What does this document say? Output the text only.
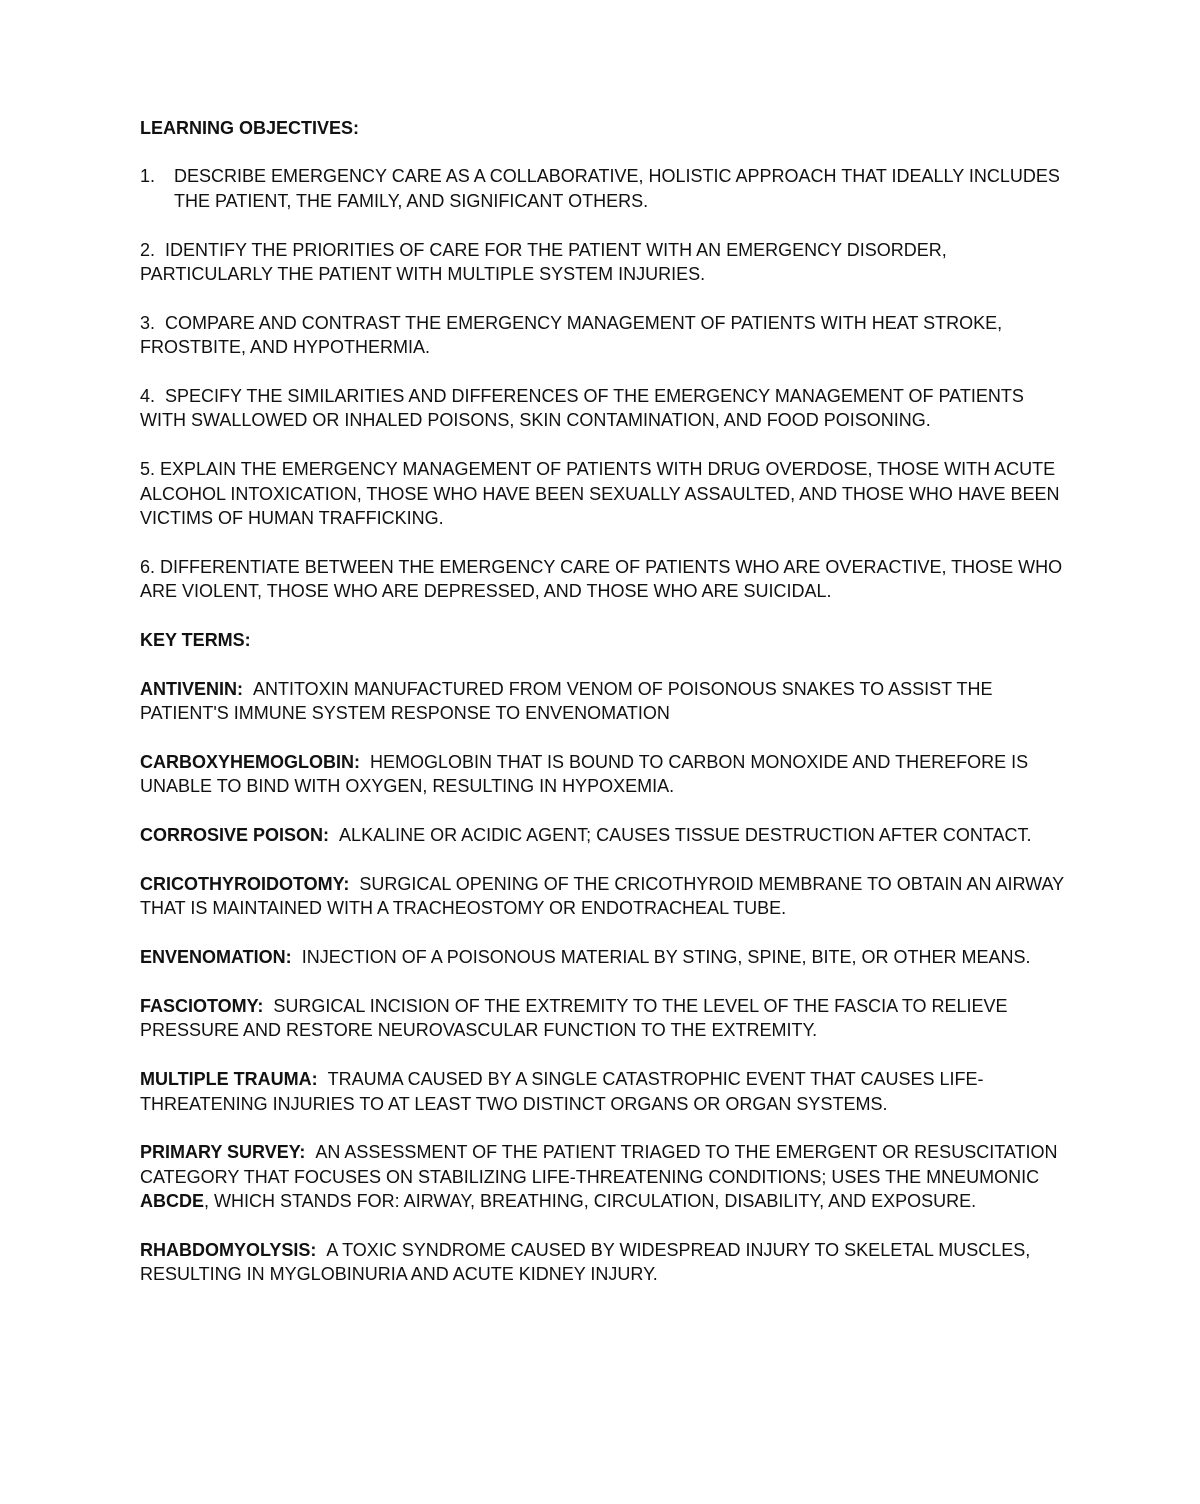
LEARNING OBJECTIVES:
1.	DESCRIBE EMERGENCY CARE AS A COLLABORATIVE, HOLISTIC APPROACH THAT IDEALLY INCLUDES THE PATIENT, THE FAMILY, AND SIGNIFICANT OTHERS.
2. IDENTIFY THE PRIORITIES OF CARE FOR THE PATIENT WITH AN EMERGENCY DISORDER, PARTICULARLY THE PATIENT WITH MULTIPLE SYSTEM INJURIES.
3. COMPARE AND CONTRAST THE EMERGENCY MANAGEMENT OF PATIENTS WITH HEAT STROKE, FROSTBITE, AND HYPOTHERMIA.
4. SPECIFY THE SIMILARITIES AND DIFFERENCES OF THE EMERGENCY MANAGEMENT OF PATIENTS WITH SWALLOWED OR INHALED POISONS, SKIN CONTAMINATION, AND FOOD POISONING.
5. EXPLAIN THE EMERGENCY MANAGEMENT OF PATIENTS WITH DRUG OVERDOSE, THOSE WITH ACUTE ALCOHOL INTOXICATION, THOSE WHO HAVE BEEN SEXUALLY ASSAULTED, AND THOSE WHO HAVE BEEN VICTIMS OF HUMAN TRAFFICKING.
6. DIFFERENTIATE BETWEEN THE EMERGENCY CARE OF PATIENTS WHO ARE OVERACTIVE, THOSE WHO ARE VIOLENT, THOSE WHO ARE DEPRESSED, AND THOSE WHO ARE SUICIDAL.
KEY TERMS:
ANTIVENIN: ANTITOXIN MANUFACTURED FROM VENOM OF POISONOUS SNAKES TO ASSIST THE PATIENT'S IMMUNE SYSTEM RESPONSE TO ENVENOMATION
CARBOXYHEMOGLOBIN: HEMOGLOBIN THAT IS BOUND TO CARBON MONOXIDE AND THEREFORE IS UNABLE TO BIND WITH OXYGEN, RESULTING IN HYPOXEMIA.
CORROSIVE POISON: ALKALINE OR ACIDIC AGENT; CAUSES TISSUE DESTRUCTION AFTER CONTACT.
CRICOTHYROIDOTOMY: SURGICAL OPENING OF THE CRICOTHYROID MEMBRANE TO OBTAIN AN AIRWAY THAT IS MAINTAINED WITH A TRACHEOSTOMY OR ENDOTRACHEAL TUBE.
ENVENOMATION: INJECTION OF A POISONOUS MATERIAL BY STING, SPINE, BITE, OR OTHER MEANS.
FASCIOTOMY: SURGICAL INCISION OF THE EXTREMITY TO THE LEVEL OF THE FASCIA TO RELIEVE PRESSURE AND RESTORE NEUROVASCULAR FUNCTION TO THE EXTREMITY.
MULTIPLE TRAUMA: TRAUMA CAUSED BY A SINGLE CATASTROPHIC EVENT THAT CAUSES LIFE-THREATENING INJURIES TO AT LEAST TWO DISTINCT ORGANS OR ORGAN SYSTEMS.
PRIMARY SURVEY: AN ASSESSMENT OF THE PATIENT TRIAGED TO THE EMERGENT OR RESUSCITATION CATEGORY THAT FOCUSES ON STABILIZING LIFE-THREATENING CONDITIONS; USES THE MNEUMONIC ABCDE, WHICH STANDS FOR: AIRWAY, BREATHING, CIRCULATION, DISABILITY, AND EXPOSURE.
RHABDOMYOLYSIS: A TOXIC SYNDROME CAUSED BY WIDESPREAD INJURY TO SKELETAL MUSCLES, RESULTING IN MYGLOBINURIA AND ACUTE KIDNEY INJURY.
